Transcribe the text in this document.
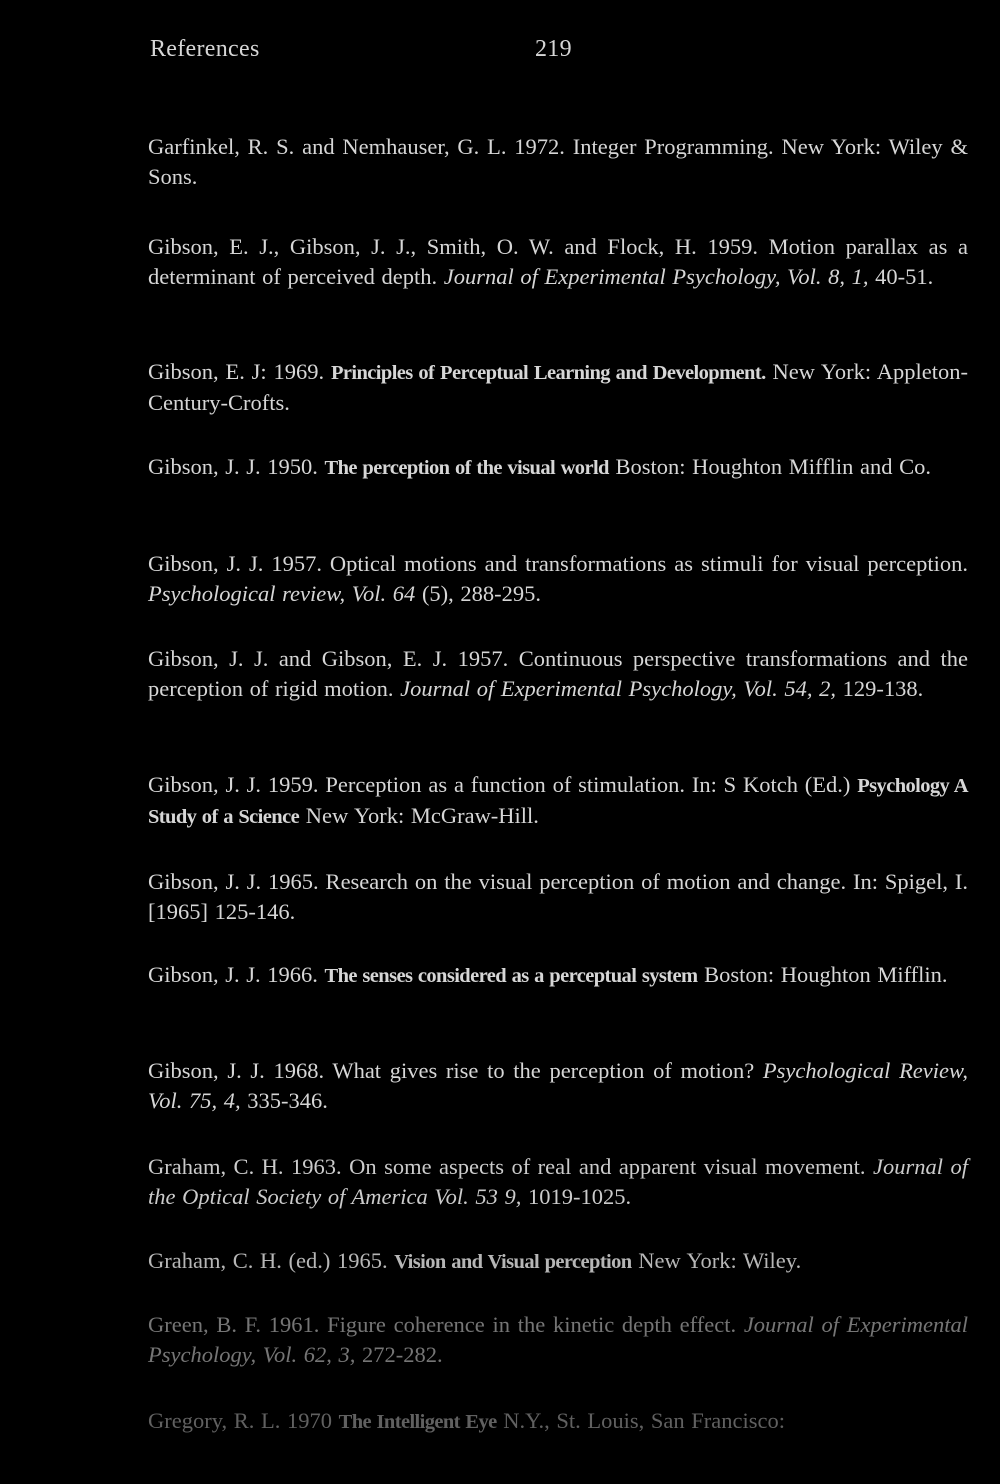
References	219

Garfinkel, R. S. and Nemhauser, G. L. 1972. Integer Programming. New York: Wiley & Sons.

Gibson, E. J., Gibson, J. J., Smith, O. W. and Flock, H. 1959. Motion parallax as a determinant of perceived depth. Journal of Experimental Psychology, Vol. 8, 1, 40-51.

Gibson, E. J: 1969. Principles of Perceptual Learning and Development. New York: Appleton-Century-Crofts.

Gibson, J. J. 1950. The perception of the visual world Boston: Houghton Mifflin and Co.

Gibson, J. J. 1957. Optical motions and transformations as stimuli for visual perception. Psychological review, Vol. 64 (5), 288-295.

Gibson, J. J. and Gibson, E. J. 1957. Continuous perspective transformations and the perception of rigid motion. Journal of Experimental Psychology, Vol. 54, 2, 129-138.

Gibson, J. J. 1959. Perception as a function of stimulation. In: S Kotch (Ed.) Psychology A Study of a Science New York: McGraw-Hill.

Gibson, J. J. 1965. Research on the visual perception of motion and change. In: Spigel, I. [1965] 125-146.

Gibson, J. J. 1966. The senses considered as a perceptual system Boston: Houghton Mifflin.

Gibson, J. J. 1968. What gives rise to the perception of motion? Psychological Review, Vol. 75, 4, 335-346.

Graham, C. H. 1963. On some aspects of real and apparent visual movement. Journal of the Optical Society of America Vol. 53 9, 1019-1025.

Graham, C. H. (ed.) 1965. Vision and Visual perception New York: Wiley.

Green, B. F. 1961. Figure coherence in the kinetic depth effect. Journal of Experimental Psychology, Vol. 62, 3, 272-282.

Gregory, R. L. 1970 The Intelligent Eye N.Y., St. Louis, San Francisco:
